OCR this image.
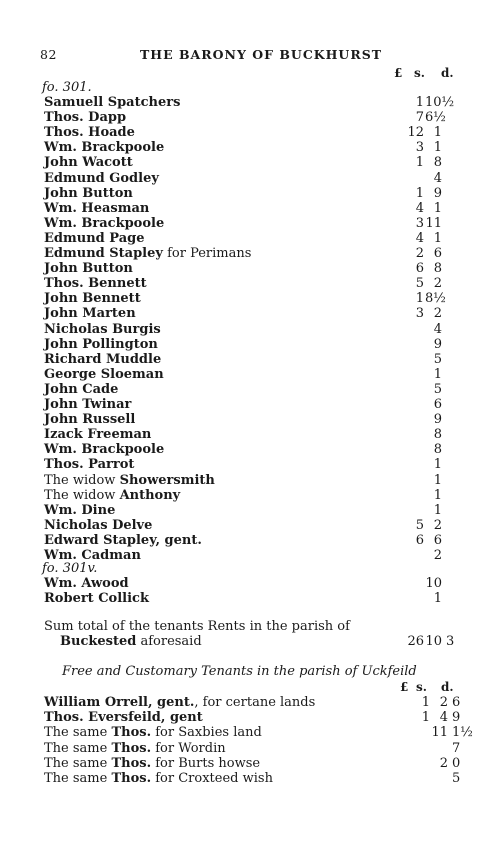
82	THE BARONY OF BUCKHURST
£ s. d.
fo. 301.
Samuell Spatchers	1 10½
Thos. Dapp	7 6½
Thos. Hoade	12 1
Wm. Brackpoole	3 1
John Wacott	1 8
Edmund Godley	4
John Button	1 9
Wm. Heasman	4 1
Wm. Brackpoole	3 11
Edmund Page	4 1
Edmund Stapley for Perimans	2 6
John Button	6 8
Thos. Bennett	5 2
John Bennett	1 8½
John Marten	3 2
Nicholas Burgis	4
John Pollington	9
Richard Muddle	5
George Sloeman	1
John Cade	5
John Twinar	6
John Russell	9
Izack Freeman	8
Wm. Brackpoole	8
Thos. Parrot	1
The widow Showersmith	1
The widow Anthony	1
Wm. Dine	1
Nicholas Delve	5 2
Edward Stapley, gent.	6 6
Wm. Cadman	2
fo. 301v.
Wm. Awood	10
Robert Collick	1
Sum total of the tenants Rents in the parish of
Buckested aforesaid	26 10 3
Free and Customary Tenants in the parish of Uckfeild
£ s. d.
William Orrell, gent., for certane lands	1 2 6
Thos. Eversfeild, gent	1 4 9
The same Thos. for Saxbies land	11 1½
The same Thos. for Wordin	7
The same Thos. for Burts howse	2 0
The same Thos. for Croxteed wish	5
